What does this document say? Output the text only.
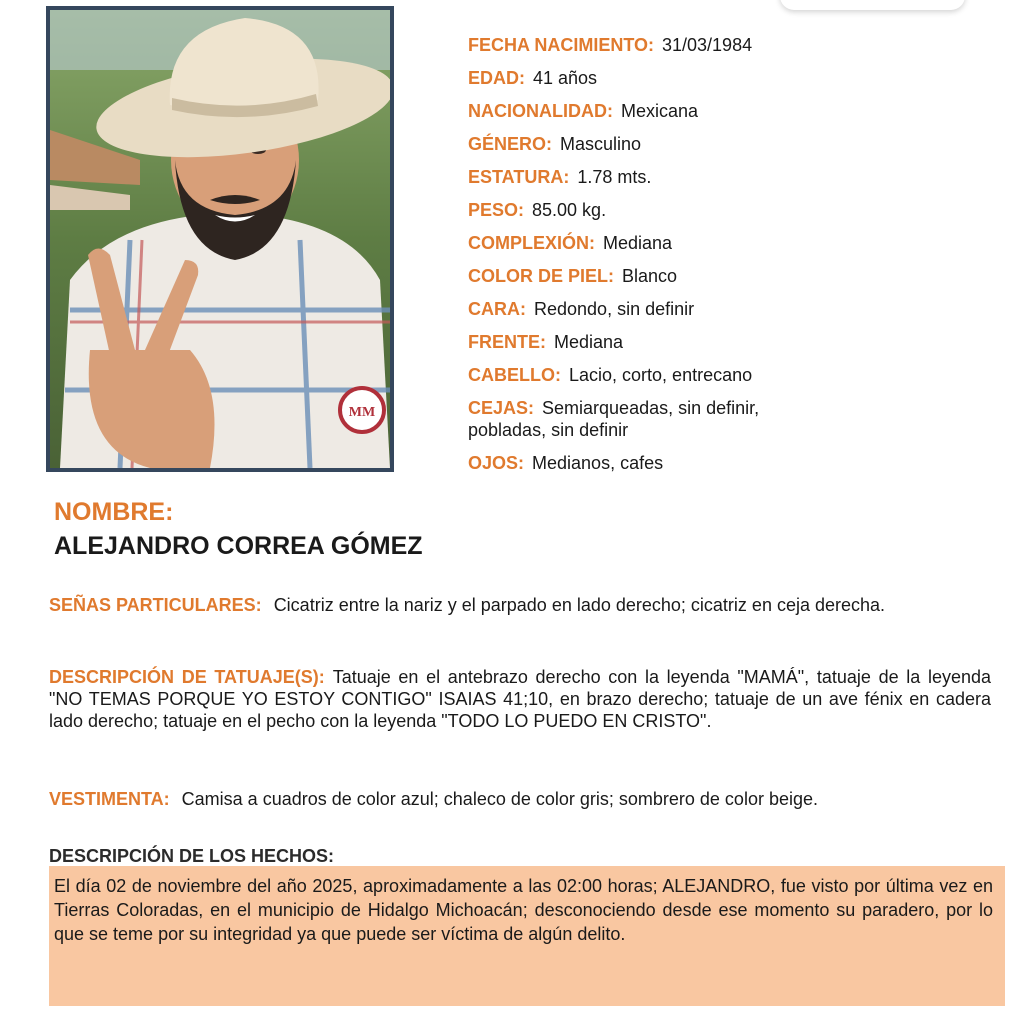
MM
FECHA NACIMIENTO: 31/03/1984
EDAD: 41 años
NACIONALIDAD: Mexicana
GÉNERO: Masculino
ESTATURA: 1.78 mts.
PESO: 85.00 kg.
COMPLEXIÓN: Mediana
COLOR DE PIEL: Blanco
CARA: Redondo, sin definir
FRENTE: Mediana
CABELLO: Lacio, corto, entrecano
CEJAS: Semiarqueadas, sin definir, pobladas, sin definir
OJOS: Medianos, cafes
NOMBRE:
ALEJANDRO CORREA GÓMEZ
SEÑAS PARTICULARES: Cicatriz entre la nariz y el parpado en lado derecho; cicatriz en ceja derecha.
DESCRIPCIÓN DE TATUAJE(S): Tatuaje en el antebrazo derecho con la leyenda "MAMÁ", tatuaje de la leyenda "NO TEMAS PORQUE YO ESTOY CONTIGO" ISAIAS 41;10, en brazo derecho; tatuaje de un ave fénix en cadera lado derecho; tatuaje en el pecho con la leyenda "TODO LO PUEDO EN CRISTO".
VESTIMENTA: Camisa a cuadros de color azul; chaleco de color gris; sombrero de color beige.
DESCRIPCIÓN DE LOS HECHOS:
El día 02 de noviembre del año 2025, aproximadamente a las 02:00 horas; ALEJANDRO, fue visto por última vez en Tierras Coloradas, en el municipio de Hidalgo Michoacán; desconociendo desde ese momento su paradero, por lo que se teme por su integridad ya que puede ser víctima de algún delito.
